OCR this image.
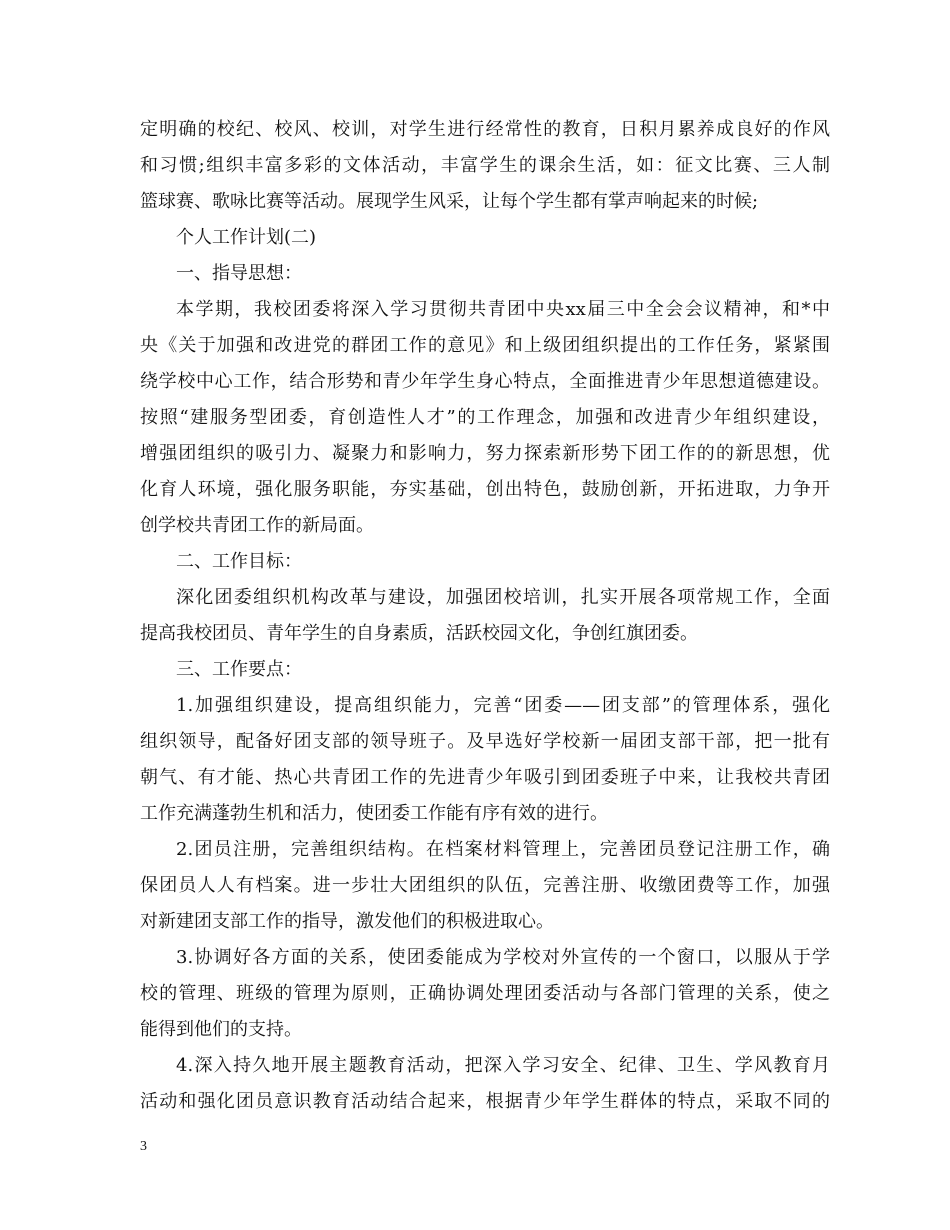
定明确的校纪、校风、校训，对学生进行经常性的教育，日积月累养成良好的作风
和习惯;组织丰富多彩的文体活动，丰富学生的课余生活，如：征文比赛、三人制
篮球赛、歌咏比赛等活动。展现学生风采，让每个学生都有掌声响起来的时候;
个人工作计划(二)
一、指导思想：
本学期，我校团委将深入学习贯彻共青团中央xx届三中全会会议精神，和*中
央《关于加强和改进党的群团工作的意见》和上级团组织提出的工作任务，紧紧围
绕学校中心工作，结合形势和青少年学生身心特点，全面推进青少年思想道德建设。
按照“建服务型团委，育创造性人才”的工作理念，加强和改进青少年组织建设，
增强团组织的吸引力、凝聚力和影响力，努力探索新形势下团工作的的新思想，优
化育人环境，强化服务职能，夯实基础，创出特色，鼓励创新，开拓进取，力争开
创学校共青团工作的新局面。
二、工作目标：
深化团委组织机构改革与建设，加强团校培训，扎实开展各项常规工作，全面
提高我校团员、青年学生的自身素质，活跃校园文化，争创红旗团委。
三、工作要点：
1.加强组织建设，提高组织能力，完善“团委——团支部”的管理体系，强化
组织领导，配备好团支部的领导班子。及早选好学校新一届团支部干部，把一批有
朝气、有才能、热心共青团工作的先进青少年吸引到团委班子中来，让我校共青团
工作充满蓬勃生机和活力，使团委工作能有序有效的进行。
2.团员注册，完善组织结构。在档案材料管理上，完善团员登记注册工作，确
保团员人人有档案。进一步壮大团组织的队伍，完善注册、收缴团费等工作，加强
对新建团支部工作的指导，激发他们的积极进取心。
3.协调好各方面的关系，使团委能成为学校对外宣传的一个窗口，以服从于学
校的管理、班级的管理为原则，正确协调处理团委活动与各部门管理的关系，使之
能得到他们的支持。
4.深入持久地开展主题教育活动，把深入学习安全、纪律、卫生、学风教育月
活动和强化团员意识教育活动结合起来，根据青少年学生群体的特点，采取不同的
3
